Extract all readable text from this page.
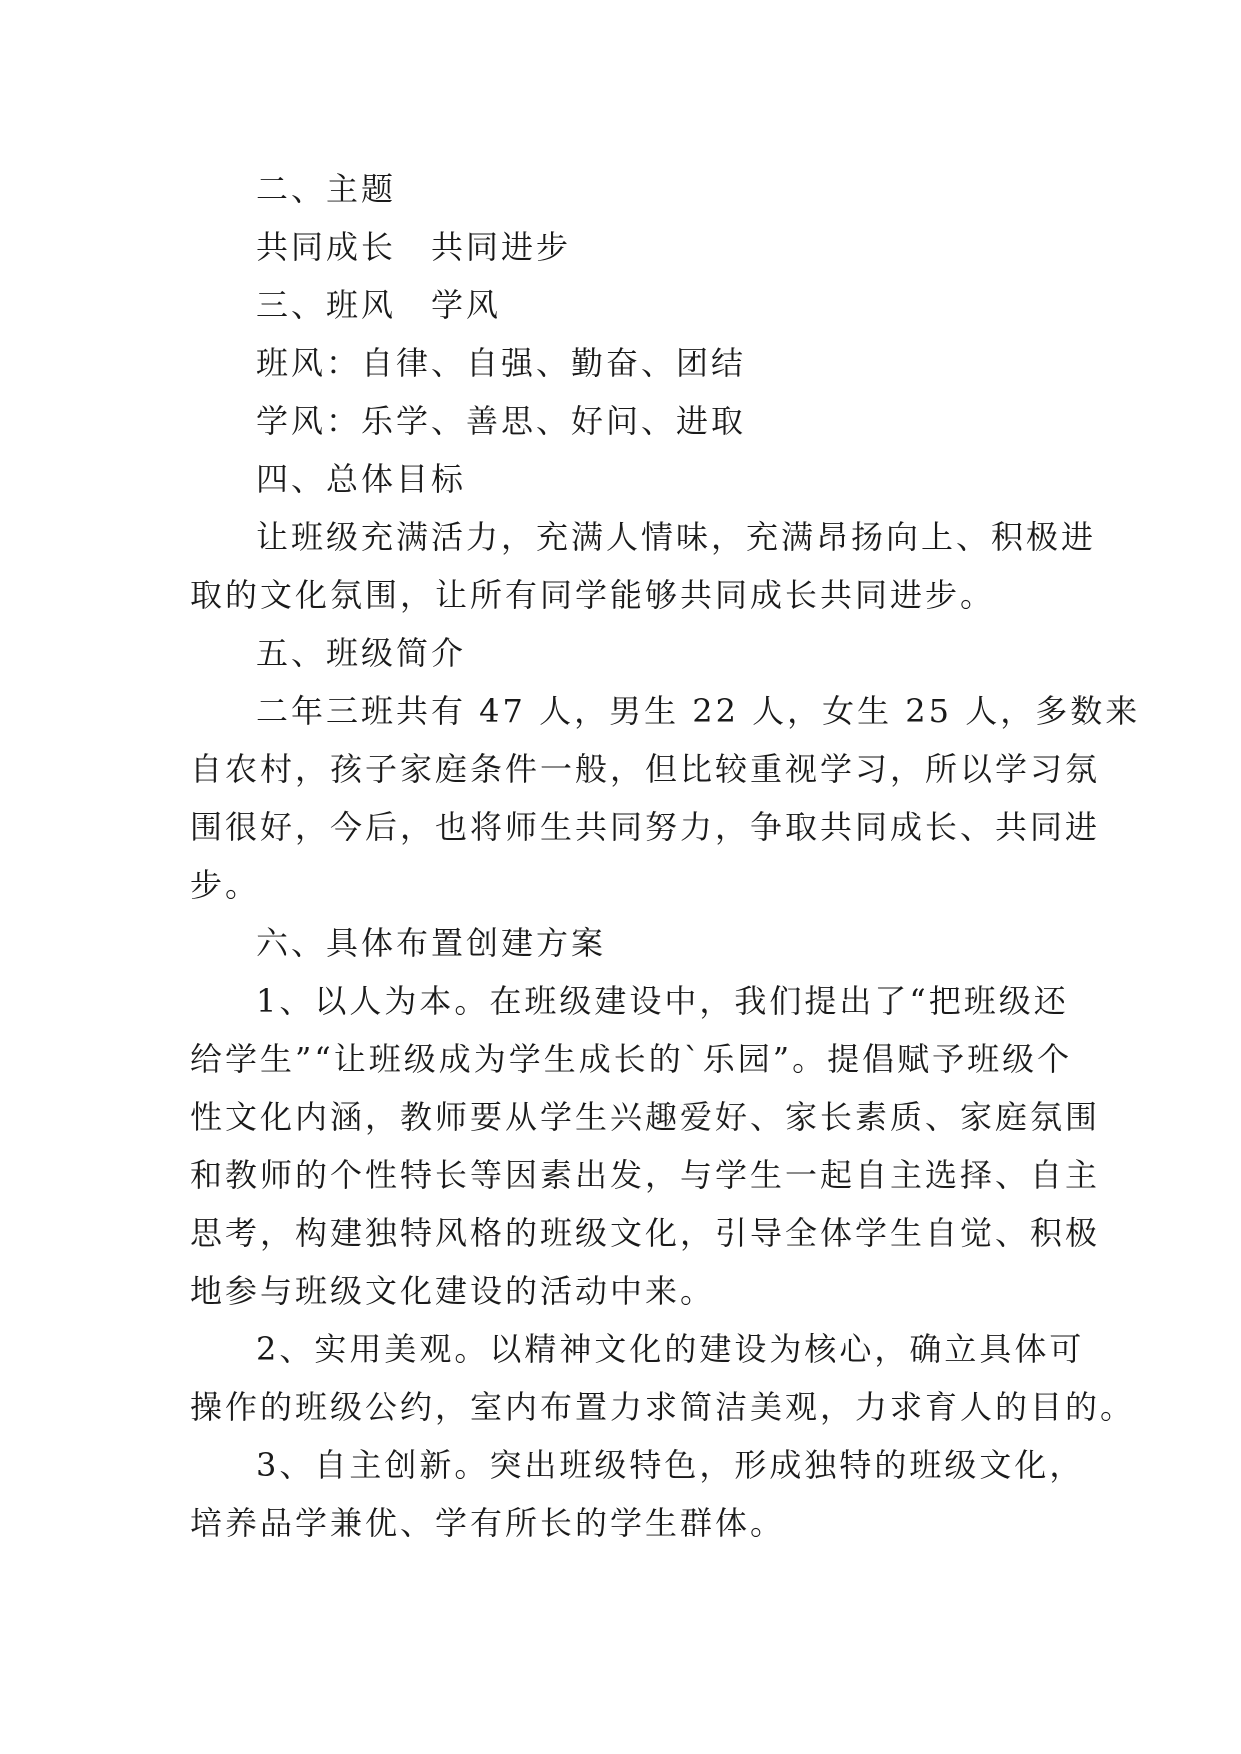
二、主题
共同成长　共同进步
三、班风　学风
班风：自律、自强、勤奋、团结
学风：乐学、善思、好问、进取
四、总体目标
让班级充满活力，充满人情味，充满昂扬向上、积极进
取的文化氛围，让所有同学能够共同成长共同进步。
五、班级简介
二年三班共有 47 人，男生 22 人，女生 25 人，多数来
自农村，孩子家庭条件一般，但比较重视学习，所以学习氛
围很好，今后，也将师生共同努力，争取共同成长、共同进
步。
六、具体布置创建方案
1、以人为本。在班级建设中，我们提出了“把班级还
给学生”“让班级成为学生成长的`乐园”。提倡赋予班级个
性文化内涵，教师要从学生兴趣爱好、家长素质、家庭氛围
和教师的个性特长等因素出发，与学生一起自主选择、自主
思考，构建独特风格的班级文化，引导全体学生自觉、积极
地参与班级文化建设的活动中来。
2、实用美观。以精神文化的建设为核心，确立具体可
操作的班级公约，室内布置力求简洁美观，力求育人的目的。
3、自主创新。突出班级特色，形成独特的班级文化，
培养品学兼优、学有所长的学生群体。
